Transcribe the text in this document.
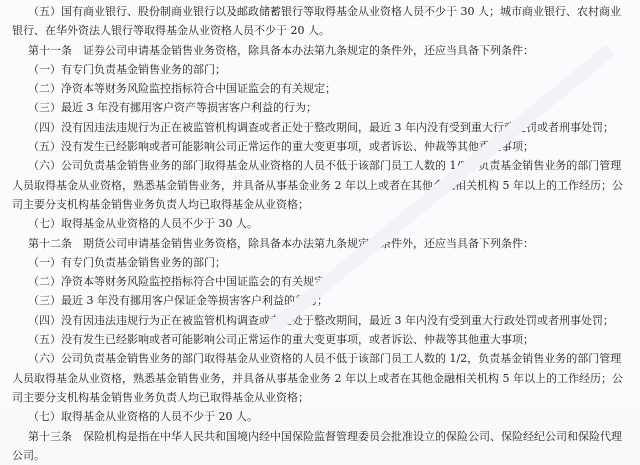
（五）国有商业银行、股份制商业银行以及邮政储蓄银行等取得基金从业资格人员不少于 30 人；城市商业银行、农村商业
银行、在华外资法人银行等取得基金从业资格人员不少于 20 人。
第十一条　证券公司申请基金销售业务资格，除具备本办法第九条规定的条件外，还应当具备下列条件：
（一）有专门负责基金销售业务的部门；
（二）净资本等财务风险监控指标符合中国证监会的有关规定；
（三）最近 3 年没有挪用客户资产等损害客户利益的行为；
（四）没有因违法违规行为正在被监管机构调查或者正处于整改期间，最近 3 年内没有受到重大行政处罚或者刑事处罚；
（五）没有发生已经影响或者可能影响公司正常运作的重大变更事项，或者诉讼、仲裁等其他重大事项；
（六）公司负责基金销售业务的部门取得基金从业资格的人员不低于该部门员工人数的 1/2，负责基金销售业务的部门管理
人员取得基金从业资格，熟悉基金销售业务，并具备从事基金业务 2 年以上或者在其他金融相关机构 5 年以上的工作经历；公
司主要分支机构基金销售业务负责人均已取得基金从业资格；
（七）取得基金从业资格的人员不少于 30 人。
第十二条　期货公司申请基金销售业务资格，除具备本办法第九条规定的条件外，还应当具备下列条件：
（一）有专门负责基金销售业务的部门；
（二）净资本等财务风险监控指标符合中国证监会的有关规定；
（三）最近 3 年没有挪用客户保证金等损害客户利益的行为；
（四）没有因违法违规行为正在被监管机构调查或者正处于整改期间，最近 3 年内没有受到重大行政处罚或者刑事处罚；
（五）没有发生已经影响或者可能影响公司正常运作的重大变更事项，或者诉讼、仲裁等其他重大事项；
（六）公司负责基金销售业务的部门取得基金从业资格的人员不低于该部门员工人数的 1/2，负责基金销售业务的部门管理
人员取得基金从业资格，熟悉基金销售业务，并具备从事基金业务 2 年以上或者在其他金融相关机构 5 年以上的工作经历；公
司主要分支机构基金销售业务负责人均已取得基金从业资格；
（七）取得基金从业资格的人员不少于 20 人。
第十三条　保险机构是指在中华人民共和国境内经中国保险监督管理委员会批准设立的保险公司、保险经纪公司和保险代理
公司。
